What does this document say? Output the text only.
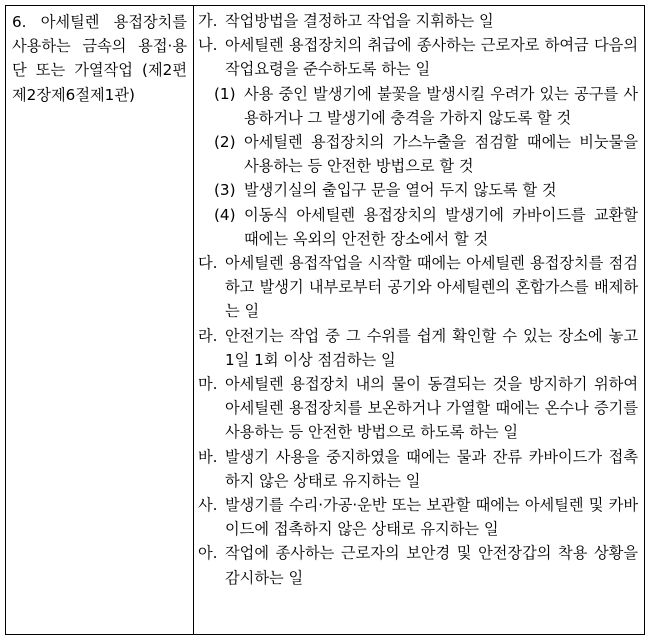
6. 아세틸렌 용접장치를 사용하는 금속의 용접·용단 또는 가열작업 (제2편제2장제6절제1관)
가. 작업방법을 결정하고 작업을 지휘하는 일
나. 아세틸렌 용접장치의 취급에 종사하는 근로자로 하여금 다음의 작업요령을 준수하도록 하는 일
(1) 사용 중인 발생기에 불꽃을 발생시킬 우려가 있는 공구를 사용하거나 그 발생기에 충격을 가하지 않도록 할 것
(2) 아세틸렌 용접장치의 가스누출을 점검할 때에는 비눗물을 사용하는 등 안전한 방법으로 할 것
(3) 발생기실의 출입구 문을 열어 두지 않도록 할 것
(4) 이동식 아세틸렌 용접장치의 발생기에 카바이드를 교환할 때에는 옥외의 안전한 장소에서 할 것
다. 아세틸렌 용접작업을 시작할 때에는 아세틸렌 용접장치를 점검하고 발생기 내부로부터 공기와 아세틸렌의 혼합가스를 배제하는 일
라. 안전기는 작업 중 그 수위를 쉽게 확인할 수 있는 장소에 놓고 1일 1회 이상 점검하는 일
마. 아세틸렌 용접장치 내의 물이 동결되는 것을 방지하기 위하여 아세틸렌 용접장치를 보온하거나 가열할 때에는 온수나 증기를 사용하는 등 안전한 방법으로 하도록 하는 일
바. 발생기 사용을 중지하였을 때에는 물과 잔류 카바이드가 접촉하지 않은 상태로 유지하는 일
사. 발생기를 수리·가공·운반 또는 보관할 때에는 아세틸렌 및 카바이드에 접촉하지 않은 상태로 유지하는 일
아. 작업에 종사하는 근로자의 보안경 및 안전장갑의 착용 상황을 감시하는 일
